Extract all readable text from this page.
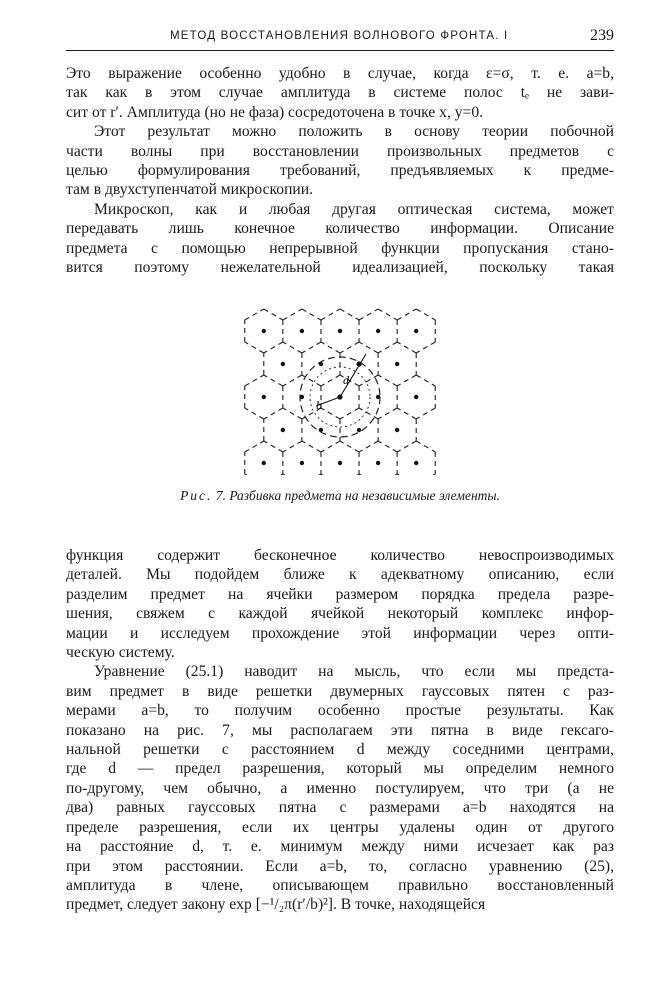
МЕТОД ВОССТАНОВЛЕНИЯ ВОЛНОВОГО ФРОНТА. I	239

Это выражение особенно удобно в случае, когда ε=σ, т. е. a=b,

так как в этом случае амплитуда в системе полос tₑ не зави-

сит от r′. Амплитуда (но не фаза) сосредоточена в точке x, y=0.

Этот результат можно положить в основу теории побочной

части волны при восстановлении произвольных предметов с

целью формулирования требований, предъявляемых к предме-

там в двухступенчатой микроскопии.

Микроскоп, как и любая другая оптическая система, может

передавать лишь конечное количество информации. Описание

предмета с помощью непрерывной функции пропускания стано-

вится поэтому нежелательной идеализацией, поскольку такая

d
b
Рис. 7. Разбивка предмета на независимые элементы.

функция содержит бесконечное количество невоспроизводимых

деталей. Мы подойдем ближе к адекватному описанию, если

разделим предмет на ячейки размером порядка предела разре-

шения, свяжем с каждой ячейкой некоторый комплекс инфор-

мации и исследуем прохождение этой информации через опти-

ческую систему.

Уравнение (25.1) наводит на мысль, что если мы предста-

вим предмет в виде решетки двумерных гауссовых пятен с раз-

мерами a=b, то получим особенно простые результаты. Как

показано на рис. 7, мы располагаем эти пятна в виде гексаго-

нальной решетки с расстоянием d между соседними центрами,

где d — предел разрешения, который мы определим немного

по-другому, чем обычно, а именно постулируем, что три (а не

два) равных гауссовых пятна с размерами a=b находятся на

пределе разрешения, если их центры удалены один от другого

на расстояние d, т. е. минимум между ними исчезает как раз

при этом расстоянии. Если a=b, то, согласно уравнению (25),

амплитуда в члене, описывающем правильно восстановленный

предмет, следует закону exp [−¹/₂π(r′/b)²]. В точке, находящейся
